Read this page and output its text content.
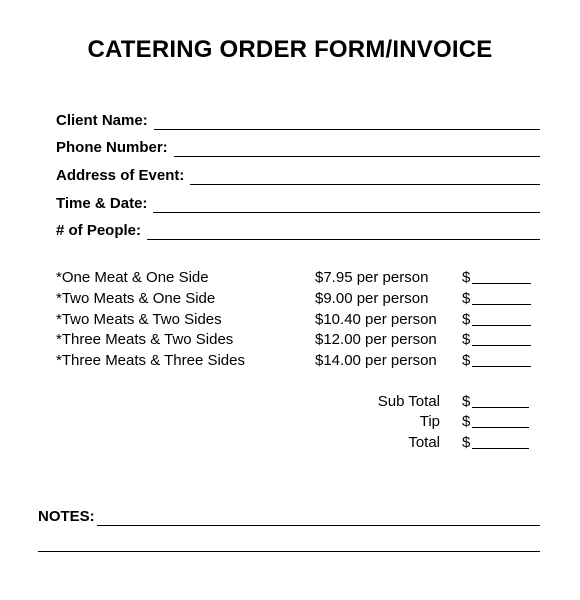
CATERING ORDER FORM/INVOICE
Client Name:
Phone Number:
Address of Event:
Time & Date:
# of People:
*One Meat & One Side	$7.95 per person $
*Two Meats & One Side	$9.00 per person $
*Two Meats & Two Sides	$10.40 per person $
*Three Meats & Two Sides	$12.00 per person $
*Three Meats & Three Sides	$14.00 per person $
Sub Total $
Tip $
Total $
NOTES:
